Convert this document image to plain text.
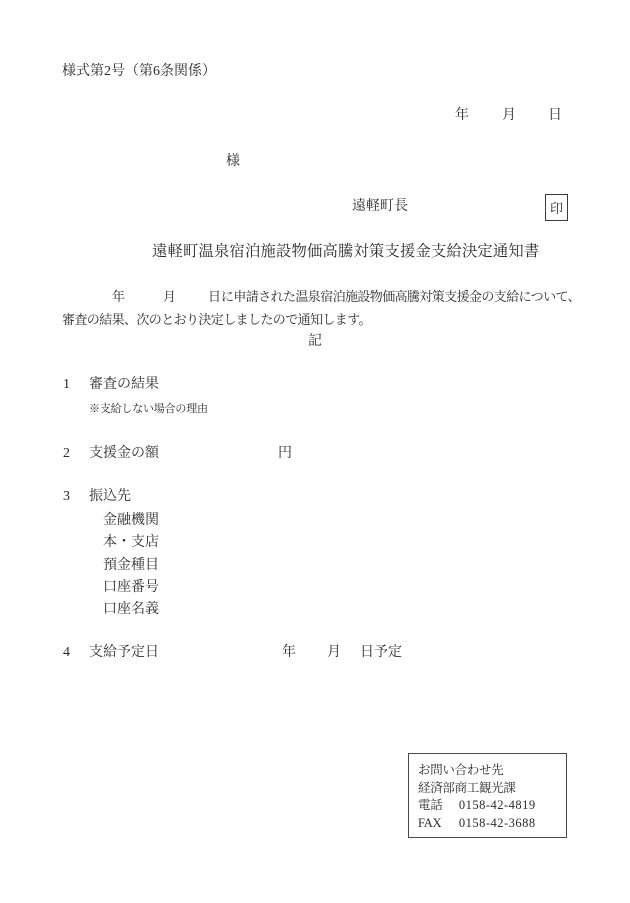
様式第2号（第6条関係）
年 月 日
様
遠軽町長	印
遠軽町温泉宿泊施設物価高騰対策支援金支給決定通知書
年	月	日 に申請された温泉宿泊施設物価高騰対策支援金の支給について、
審査の結果、次のとおり決定しましたので通知します。
記
1 審査の結果
※支給しない場合の理由
2 支援金の額	円
3 振込先
金融機関
本・支店
預金種目
口座番号
口座名義
4 支給予定日	年 月 日予定
お問い合わせ先
経済部商工観光課
電話 0158-42-4819
FAX 0158-42-3688
